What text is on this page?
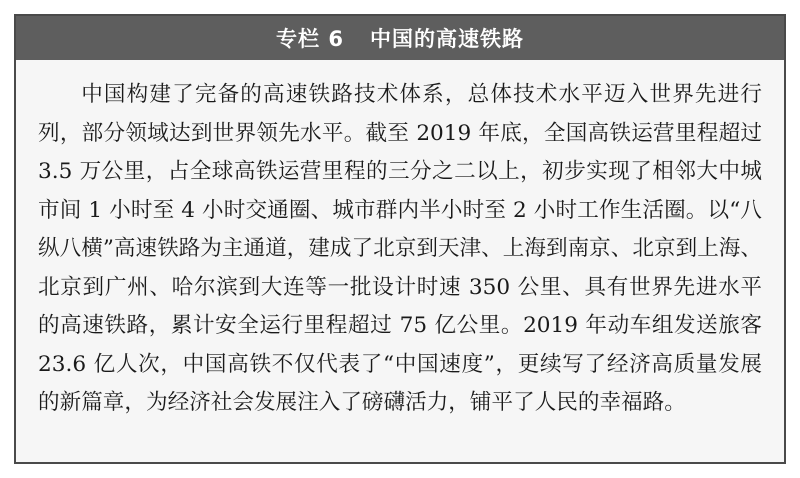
专栏 6 中国的高速铁路

中国构建了完备的高速铁路技术体系，总体技术水平迈入世界先进行列，部分领域达到世界领先水平。截至 2019 年底，全国高铁运营里程超过 3.5 万公里，占全球高铁运营里程的三分之二以上，初步实现了相邻大中城市间 1 小时至 4 小时交通圈、城市群内半小时至 2 小时工作生活圈。以“八纵八横”高速铁路为主通道，建成了北京到天津、上海到南京、北京到上海、北京到广州、哈尔滨到大连等一批设计时速 350 公里、具有世界先进水平的高速铁路，累计安全运行里程超过 75 亿公里。2019 年动车组发送旅客 23.6 亿人次，中国高铁不仅代表了“中国速度”，更续写了经济高质量发展的新篇章，为经济社会发展注入了磅礴活力，铺平了人民的幸福路。
